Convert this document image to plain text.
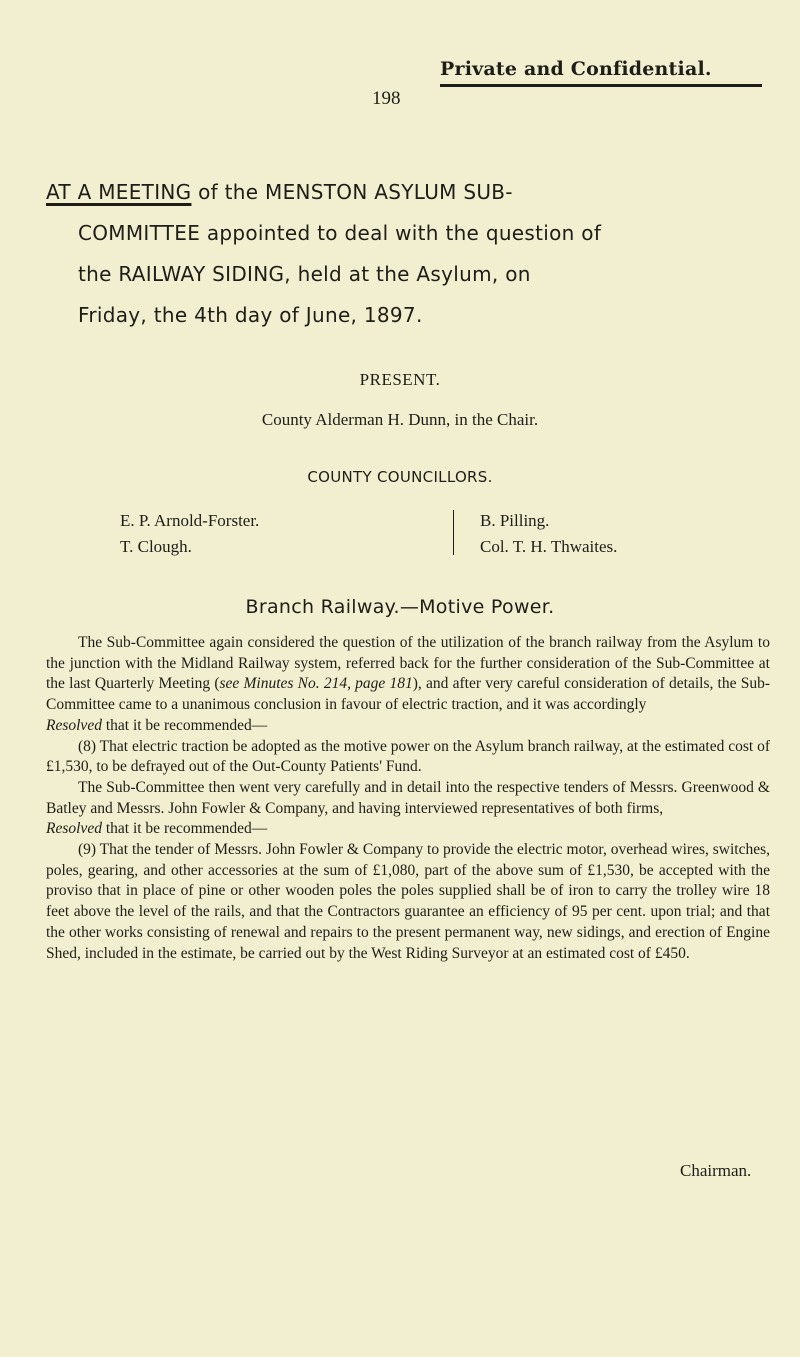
Private and Confidential.
198
AT A MEETING of the MENSTON ASYLUM SUB-
COMMITTEE appointed to deal with the question of
the RAILWAY SIDING, held at the Asylum, on
Friday, the 4th day of June, 1897.
PRESENT.
County Alderman H. Dunn, in the Chair.
COUNTY COUNCILLORS.
E. P. Arnold-Forster.
T. Clough.
B. Pilling.
Col. T. H. Thwaites.
Branch Railway.—Motive Power.

The Sub-Committee again considered the question of the utilization of the branch railway from the Asylum to the junction with the Midland Railway system, referred back for the further consideration of the Sub-Committee at the last Quarterly Meeting (see Minutes No. 214, page 181), and after very careful consideration of details, the Sub-Committee came to a unanimous conclusion in favour of electric traction, and it was accordingly

Resolved that it be recommended—

(8) That electric traction be adopted as the motive power on the Asylum branch railway, at the estimated cost of £1,530, to be defrayed out of the Out-County Patients' Fund.

The Sub-Committee then went very carefully and in detail into the respective tenders of Messrs. Greenwood & Batley and Messrs. John Fowler & Company, and having interviewed representatives of both firms,

Resolved that it be recommended—

(9) That the tender of Messrs. John Fowler & Company to provide the electric motor, overhead wires, switches, poles, gearing, and other accessories at the sum of £1,080, part of the above sum of £1,530, be accepted with the proviso that in place of pine or other wooden poles the poles supplied shall be of iron to carry the trolley wire 18 feet above the level of the rails, and that the Contractors guarantee an efficiency of 95 per cent. upon trial; and that the other works consisting of renewal and repairs to the present permanent way, new sidings, and erection of Engine Shed, included in the estimate, be carried out by the West Riding Surveyor at an estimated cost of £450.

Chairman.
